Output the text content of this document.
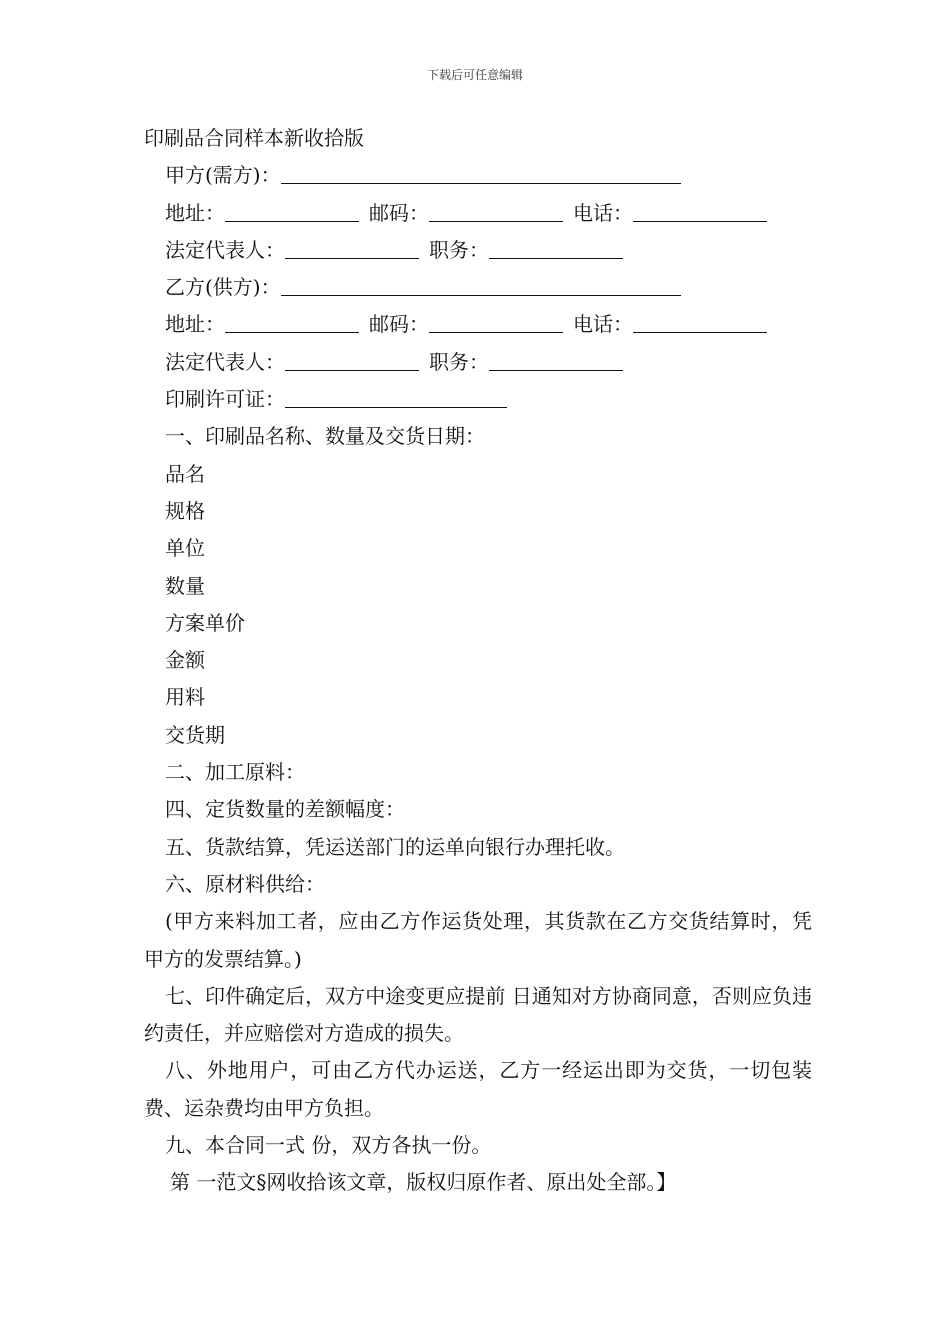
下载后可任意编辑
印刷品合同样本新收拾版
甲方(需方)：
地址：	邮码：	电话：
法定代表人：	职务：
乙方(供方)：
地址：	邮码：	电话：
法定代表人：	职务：
印刷许可证：
一、印刷品名称、数量及交货日期：
品名
规格
单位
数量
方案单价
金额
用料
交货期
二、加工原料：
四、定货数量的差额幅度：
五、货款结算，凭运送部门的运单向银行办理托收。
六、原材料供给：
(甲方来料加工者，应由乙方作运货处理，其货款在乙方交货结算时，凭甲方的发票结算。)
七、印件确定后，双方中途变更应提前 日通知对方协商同意，否则应负违约责任，并应赔偿对方造成的损失。
八、外地用户，可由乙方代办运送，乙方一经运出即为交货，一切包装费、运杂费均由甲方负担。
九、本合同一式 份，双方各执一份。
第 一范文§网收拾该文章，版权归原作者、原出处全部。】
